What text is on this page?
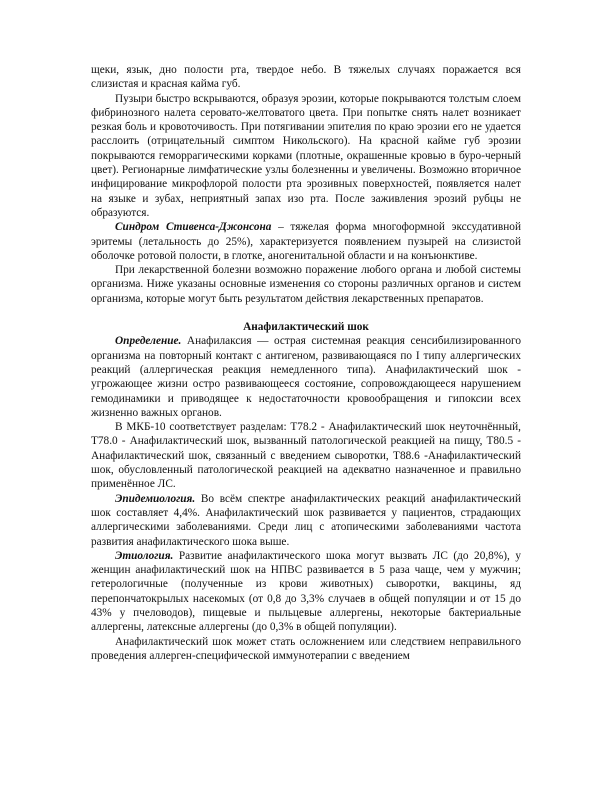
щеки, язык, дно полости рта, твердое небо. В тяжелых случаях поражается вся слизистая и красная кайма губ.

Пузыри быстро вскрываются, образуя эрозии, которые покрываются толстым слоем фибринозного налета серовато-желтоватого цвета. При попытке снять налет возникает резкая боль и кровоточивость. При потягивании эпителия по краю эрозии его не удается расслоить (отрицательный симптом Никольского). На красной кайме губ эрозии покрываются геморрагическими корками (плотные, окрашенные кровью в буро-черный цвет). Регионарные лимфатические узлы болезненны и увеличены. Возможно вторичное инфицирование микрофлорой полости рта эрозивных поверхностей, появляется налет на языке и зубах, неприятный запах изо рта. После заживления эрозий рубцы не образуются.

Синдром Стивенса-Джонсона – тяжелая форма многоформной экссудативной эритемы (летальность до 25%), характеризуется появлением пузырей на слизистой оболочке ротовой полости, в глотке, аногенитальной области и на конъюнктиве.

При лекарственной болезни возможно поражение любого органа и любой системы организма. Ниже указаны основные изменения со стороны различных органов и систем организма, которые могут быть результатом действия лекарственных препаратов.

Анафилактический шок

Определение. Анафилаксия — острая системная реакция сенсибилизированного организма на повторный контакт с антигеном, развивающаяся по I типу аллергических реакций (аллергическая реакция немедленного типа). Анафилактический шок - угрожающее жизни остро развивающееся состояние, сопровождающееся нарушением гемодинамики и приводящее к недостаточности кровообращения и гипоксии всех жизненно важных органов.

В МКБ-10 соответствует разделам: T78.2 - Анафилактический шок неуточнённый, T78.0 - Анафилактический шок, вызванный патологической реакцией на пищу, T80.5 - Анафилактический шок, связанный с введением сыворотки, T88.6 -Анафилактический шок, обусловленный патологической реакцией на адекватно назначенное и правильно применённое ЛС.

Эпидемиология. Во всём спектре анафилактических реакций анафилактический шок составляет 4,4%. Анафилактический шок развивается у пациентов, страдающих аллергическими заболеваниями. Среди лиц с атопическими заболеваниями частота развития анафилактического шока выше.

Этиология. Развитие анафилактического шока могут вызвать ЛС (до 20,8%), у женщин анафилактический шок на НПВС развивается в 5 раза чаще, чем у мужчин; гетерологичные (полученные из крови животных) сыворотки, вакцины, яд перепончатокрылых насекомых (от 0,8 до 3,3% случаев в общей популяции и от 15 до 43% у пчеловодов), пищевые и пыльцевые аллергены, некоторые бактериальные аллергены, латексные аллергены (до 0,3% в общей популяции).

Анафилактический шок может стать осложнением или следствием неправильного проведения аллерген-специфической иммунотерапии с введением
